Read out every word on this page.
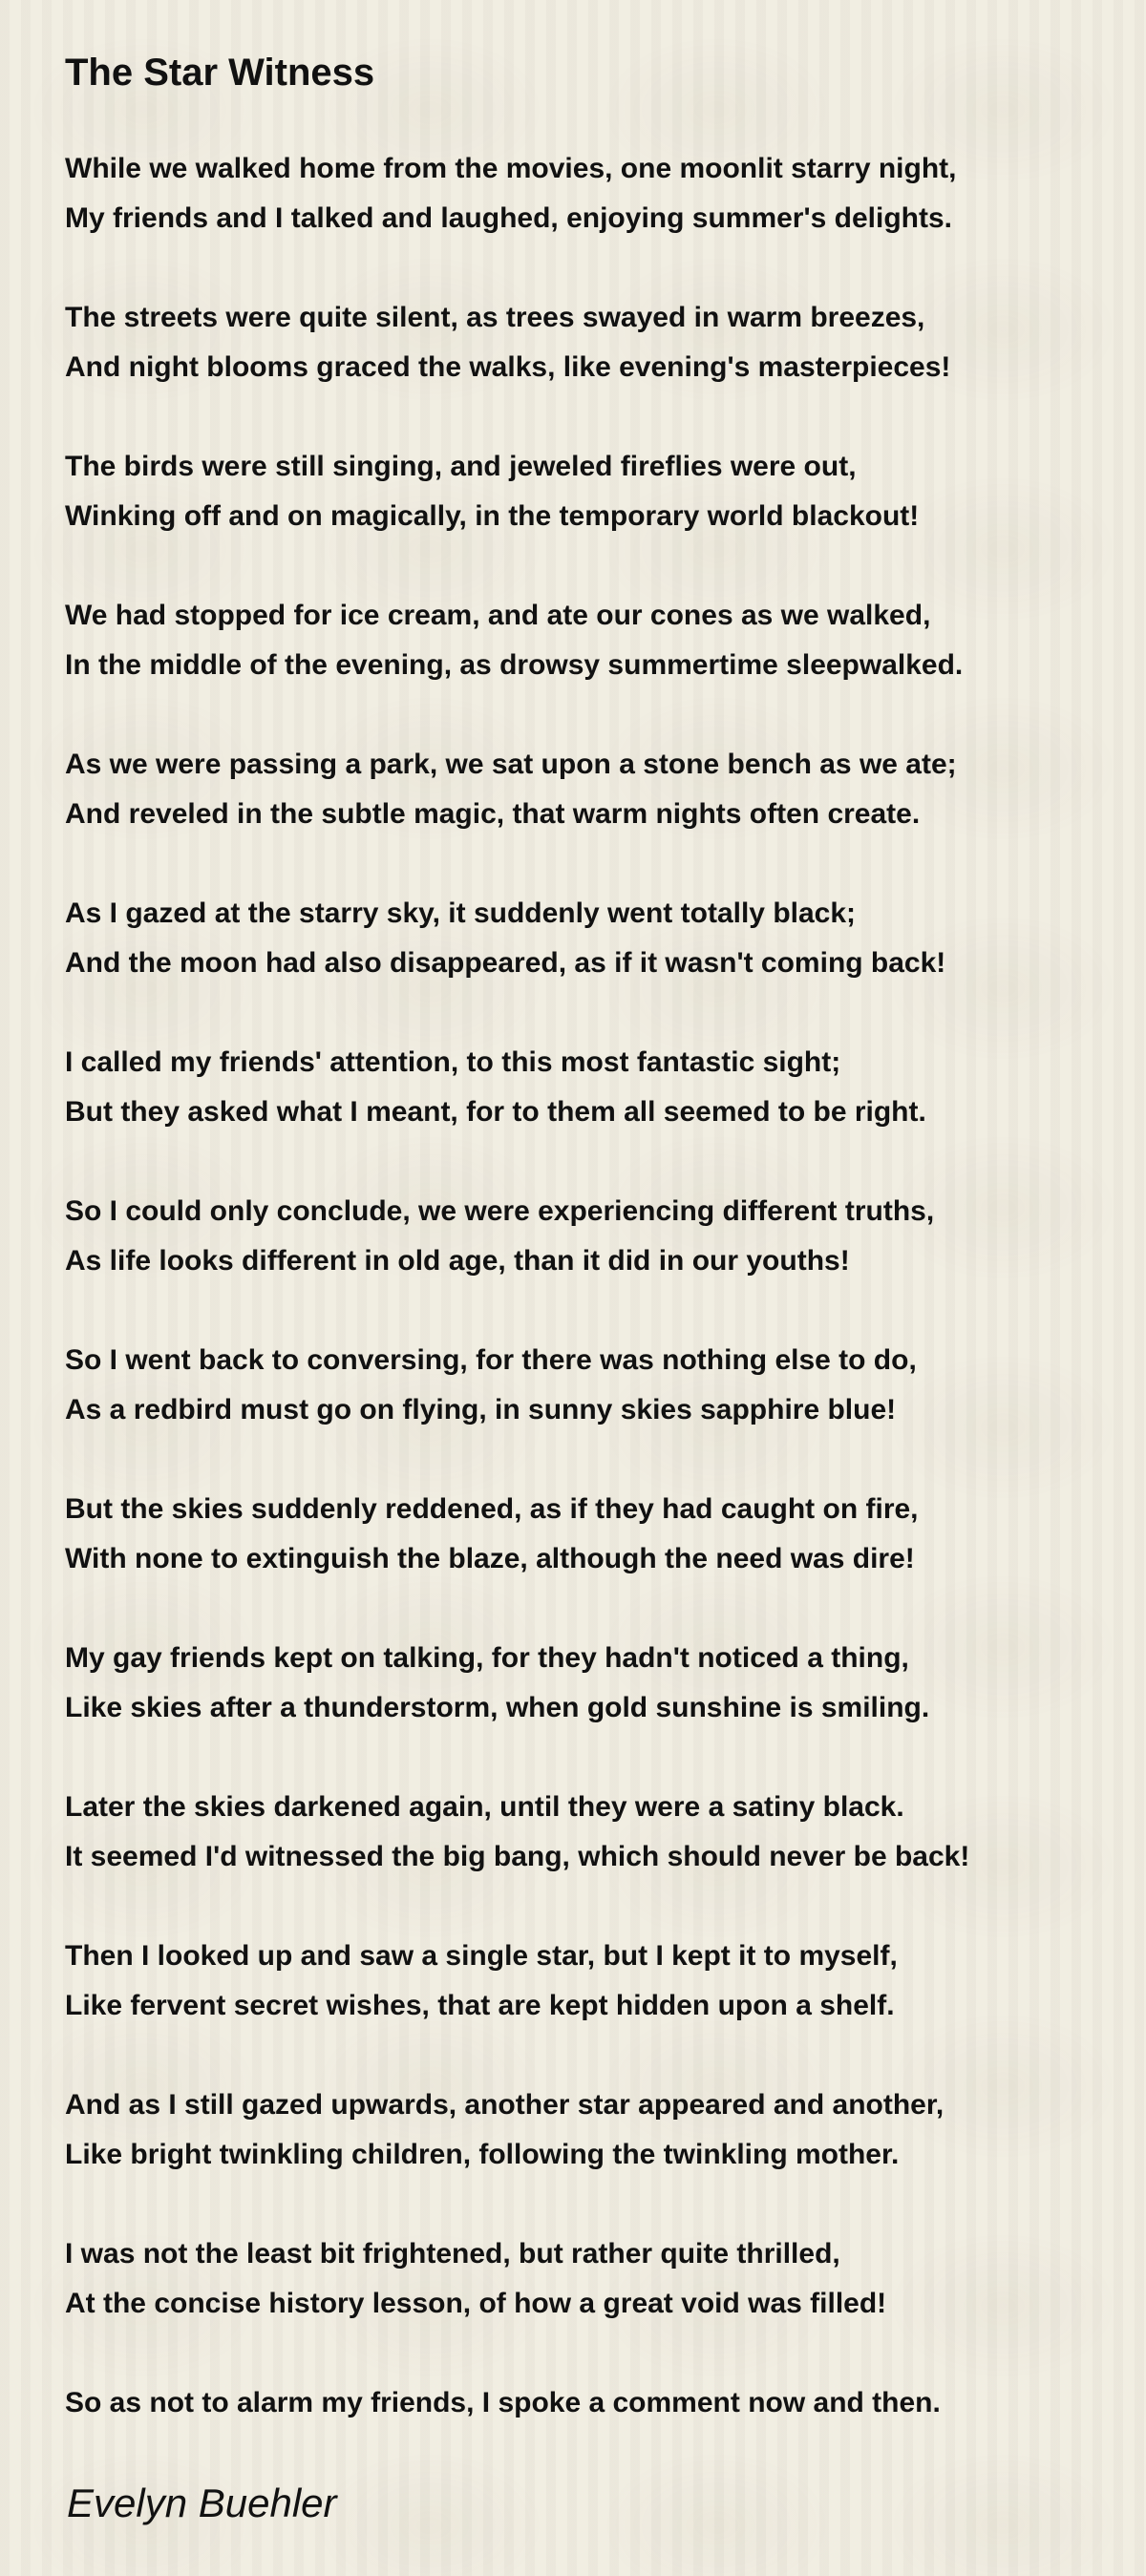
The Star Witness
While we walked home from the movies, one moonlit starry night,
My friends and I talked and laughed, enjoying summer's delights.
The streets were quite silent, as trees swayed in warm breezes,
And night blooms graced the walks, like evening's masterpieces!
The birds were still singing, and jeweled fireflies were out,
Winking off and on magically, in the temporary world blackout!
We had stopped for ice cream, and ate our cones as we walked,
In the middle of the evening, as drowsy summertime sleepwalked.
As we were passing a park, we sat upon a stone bench as we ate;
And reveled in the subtle magic, that warm nights often create.
As I gazed at the starry sky, it suddenly went totally black;
And the moon had also disappeared, as if it wasn't coming back!
I called my friends' attention, to this most fantastic sight;
But they asked what I meant, for to them all seemed to be right.
So I could only conclude, we were experiencing different truths,
As life looks different in old age, than it did in our youths!
So I went back to conversing, for there was nothing else to do,
As a redbird must go on flying, in sunny skies sapphire blue!
But the skies suddenly reddened, as if they had caught on fire,
With none to extinguish the blaze, although the need was dire!
My gay friends kept on talking, for they hadn't noticed a thing,
Like skies after a thunderstorm, when gold sunshine is smiling.
Later the skies darkened again, until they were a satiny black.
It seemed I'd witnessed the big bang, which should never be back!
Then I looked up and saw a single star, but I kept it to myself,
Like fervent secret wishes, that are kept hidden upon a shelf.
And as I still gazed upwards, another star appeared and another,
Like bright twinkling children, following the twinkling mother.
I was not the least bit frightened, but rather quite thrilled,
At the concise history lesson, of how a great void was filled!
So as not to alarm my friends, I spoke a comment now and then.

Evelyn Buehler
